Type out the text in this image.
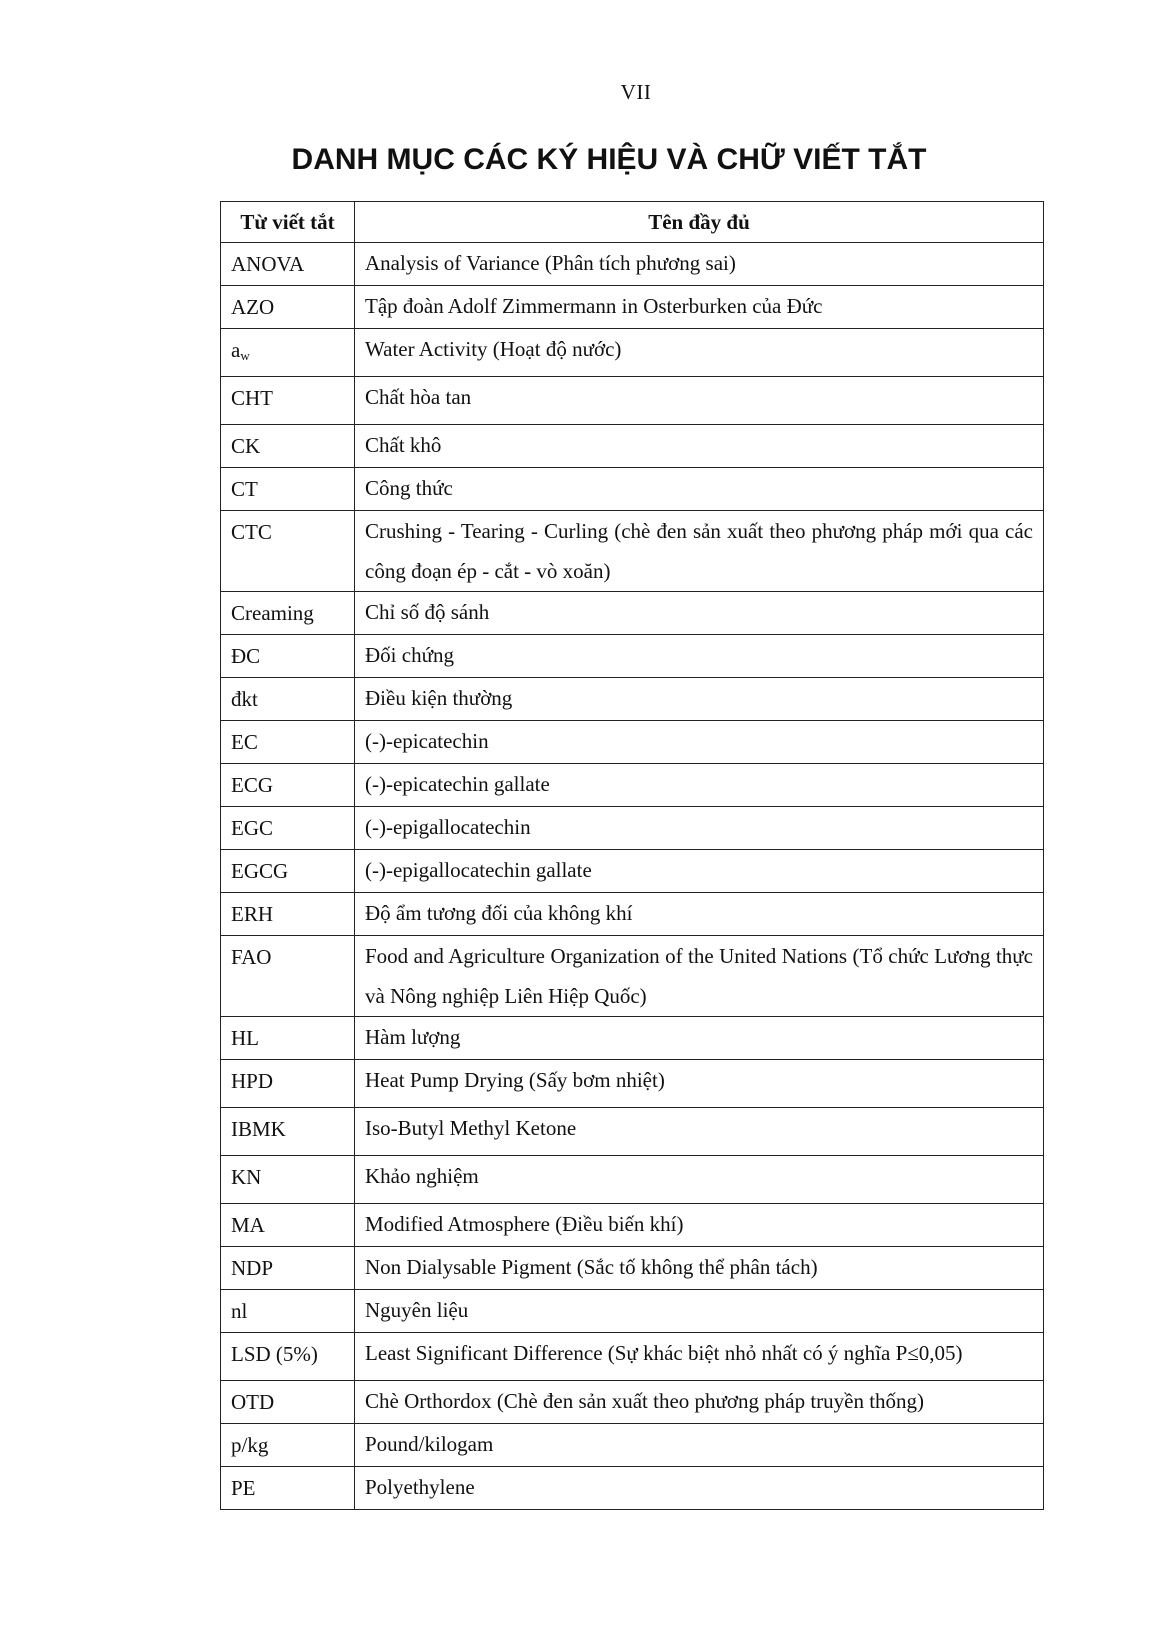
VII
DANH MỤC CÁC KÝ HIỆU VÀ CHỮ VIẾT TẮT
Từ viết tắt	Tên đầy đủ
ANOVA	Analysis of Variance (Phân tích phương sai)
AZO	Tập đoàn Adolf Zimmermann in Osterburken của Đức
$a_w$	Water Activity (Hoạt độ nước)
CHT	Chất hòa tan
CK	Chất khô
CT	Công thức
CTC	Crushing - Tearing - Curling (chè đen sản xuất theo phương pháp mới qua các công đoạn ép - cắt - vò xoăn)
Creaming	Chỉ số độ sánh
ĐC	Đối chứng
đkt	Điều kiện thường
EC	(-)-epicatechin
ECG	(-)-epicatechin gallate
EGC	(-)-epigallocatechin
EGCG	(-)-epigallocatechin gallate
ERH	Độ ẩm tương đối của không khí
FAO	Food and Agriculture Organization of the United Nations (Tổ chức Lương thực và Nông nghiệp Liên Hiệp Quốc)
HL	Hàm lượng
HPD	Heat Pump Drying (Sấy bơm nhiệt)
IBMK	Iso-Butyl Methyl Ketone
KN	Khảo nghiệm
MA	Modified Atmosphere (Điều biến khí)
NDP	Non Dialysable Pigment (Sắc tố không thể phân tách)
nl	Nguyên liệu
LSD (5%)	Least Significant Difference (Sự khác biệt nhỏ nhất có ý nghĩa P≤0,05)
OTD	Chè Orthordox (Chè đen sản xuất theo phương pháp truyền thống)
p/kg	Pound/kilogam
PE	Polyethylene
